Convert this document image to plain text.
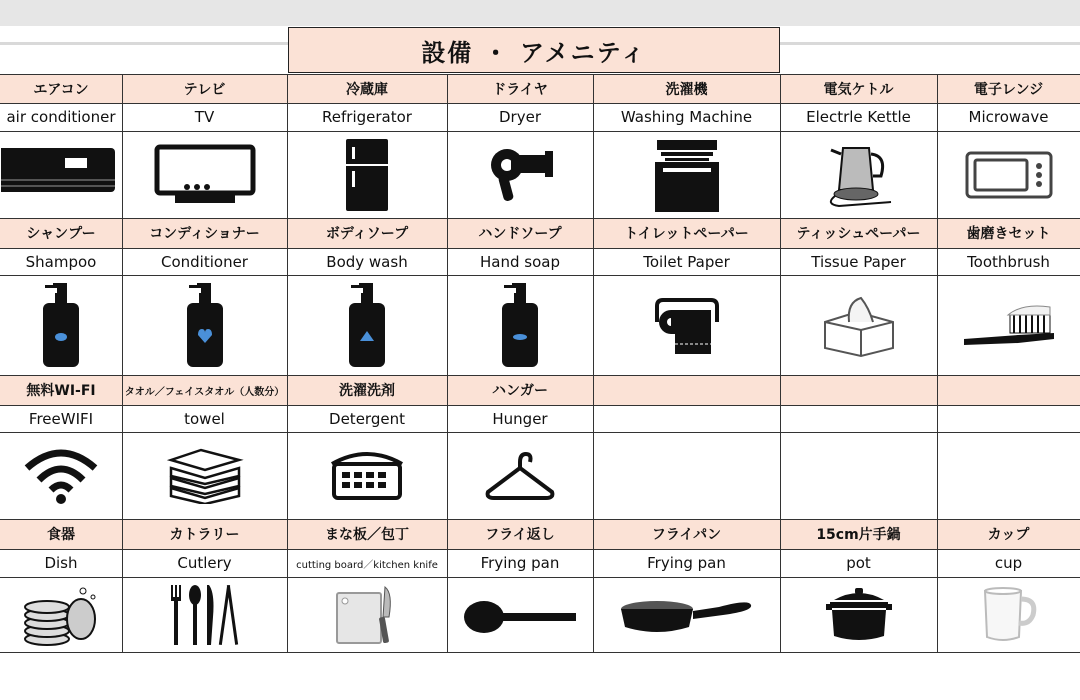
設備 ・ アメニティ
エアコン
air conditioner
テレビ
TV
冷蔵庫
Refrigerator
ドライヤ
Dryer
洗濯機
Washing Machine
電気ケトル
Electrle Kettle
電子レンジ
Microwave
シャンプー
Shampoo
コンディショナー
Conditioner
ボディソープ
Body wash
ハンドソープ
Hand soap
トイレットペーパー
Toilet Paper
ティッシュペーパー
Tissue Paper
歯磨きセット
Toothbrush
無料WI-FI
FreeWIFI
タオル／フェイスタオル（人数分）
towel
洗濯洗剤
Detergent
ハンガー
Hunger
食器
Dish
カトラリー
Cutlery
まな板／包丁
cutting board／kitchen knife
フライ返し
Frying pan
フライパン
Frying pan
15cm片手鍋
pot
カップ
cup
